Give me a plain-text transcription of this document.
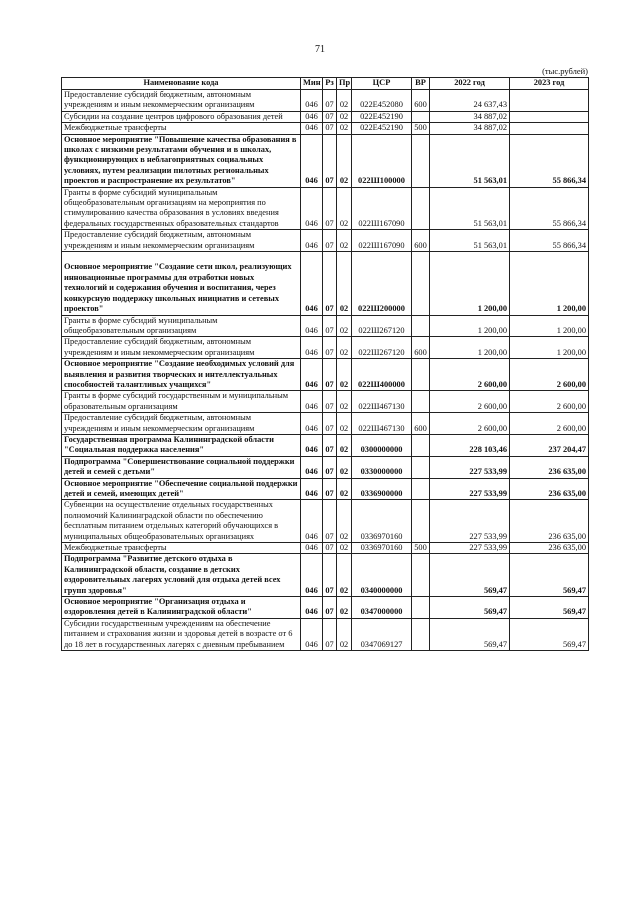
71
(тыс.рублей)
Наименование кода	Мин	Рз	Пр	ЦСР	ВР	2022 год	2023 год
Предоставление субсидий бюджетным, автономным учреждениям и иным некоммерческим организациям	046	07	02	022Е452080	600	24 637,43	
Субсидии на создание центров цифрового образования детей	046	07	02	022Е452190		34 887,02	
Межбюджетные трансферты	046	07	02	022Е452190	500	34 887,02	
Основное мероприятие "Повышение качества образования в школах с низкими результатами обучения и в школах, функционирующих в неблагоприятных социальных условиях, путем реализации пилотных региональных проектов и распространение их результатов"	046	07	02	022Ш100000		51 563,01	55 866,34
Гранты в форме субсидий муниципальным общеобразовательным организациям на мероприятия по стимулированию качества образования в условиях введения федеральных государственных образовательных стандартов	046	07	02	022Ш167090		51 563,01	55 866,34
Предоставление субсидий бюджетным, автономным учреждениям и иным некоммерческим организациям	046	07	02	022Ш167090	600	51 563,01	55 866,34

Основное мероприятие "Создание сети школ, реализующих инновационные программы для отработки новых технологий и содержания обучения и воспитания, через конкурсную поддержку школьных инициатив и сетевых проектов"	046	07	02	022Ш200000		1 200,00	1 200,00
Гранты в форме субсидий муниципальным общеобразовательным организациям	046	07	02	022Ш267120		1 200,00	1 200,00
Предоставление субсидий бюджетным, автономным учреждениям и иным некоммерческим организациям	046	07	02	022Ш267120	600	1 200,00	1 200,00
Основное мероприятие "Создание необходимых условий для выявления и развития творческих и интеллектуальных способностей талантливых учащихся"	046	07	02	022Ш400000		2 600,00	2 600,00
Гранты в форме субсидий государственным и муниципальным образовательным организациям	046	07	02	022Ш467130		2 600,00	2 600,00
Предоставление субсидий бюджетным, автономным учреждениям и иным некоммерческим организациям	046	07	02	022Ш467130	600	2 600,00	2 600,00
Государственная программа Калининградской области "Социальная поддержка населения"	046	07	02	0300000000		228 103,46	237 204,47
Подпрограмма "Совершенствование социальной поддержки детей и семей с детьми"	046	07	02	0330000000		227 533,99	236 635,00
Основное мероприятие "Обеспечение социальной поддержки детей и семей, имеющих детей"	046	07	02	0336900000		227 533,99	236 635,00
Субвенции на осуществление отдельных государственных полномочий Калининградской области по обеспечению бесплатным питанием отдельных категорий обучающихся в муниципальных общеобразовательных организациях	046	07	02	0336970160		227 533,99	236 635,00
Межбюджетные трансферты	046	07	02	0336970160	500	227 533,99	236 635,00
Подпрограмма "Развитие детского отдыха в Калининградской области, создание в детских оздоровительных лагерях условий для отдыха детей всех групп здоровья"	046	07	02	0340000000		569,47	569,47
Основное мероприятие "Организация отдыха и оздоровления детей в Калининградской области"	046	07	02	0347000000		569,47	569,47
Субсидии государственным учреждениям на обеспечение питанием и страхования жизни и здоровья детей в возрасте от 6 до 18 лет в государственных лагерях с дневным пребыванием	046	07	02	0347069127		569,47	569,47
